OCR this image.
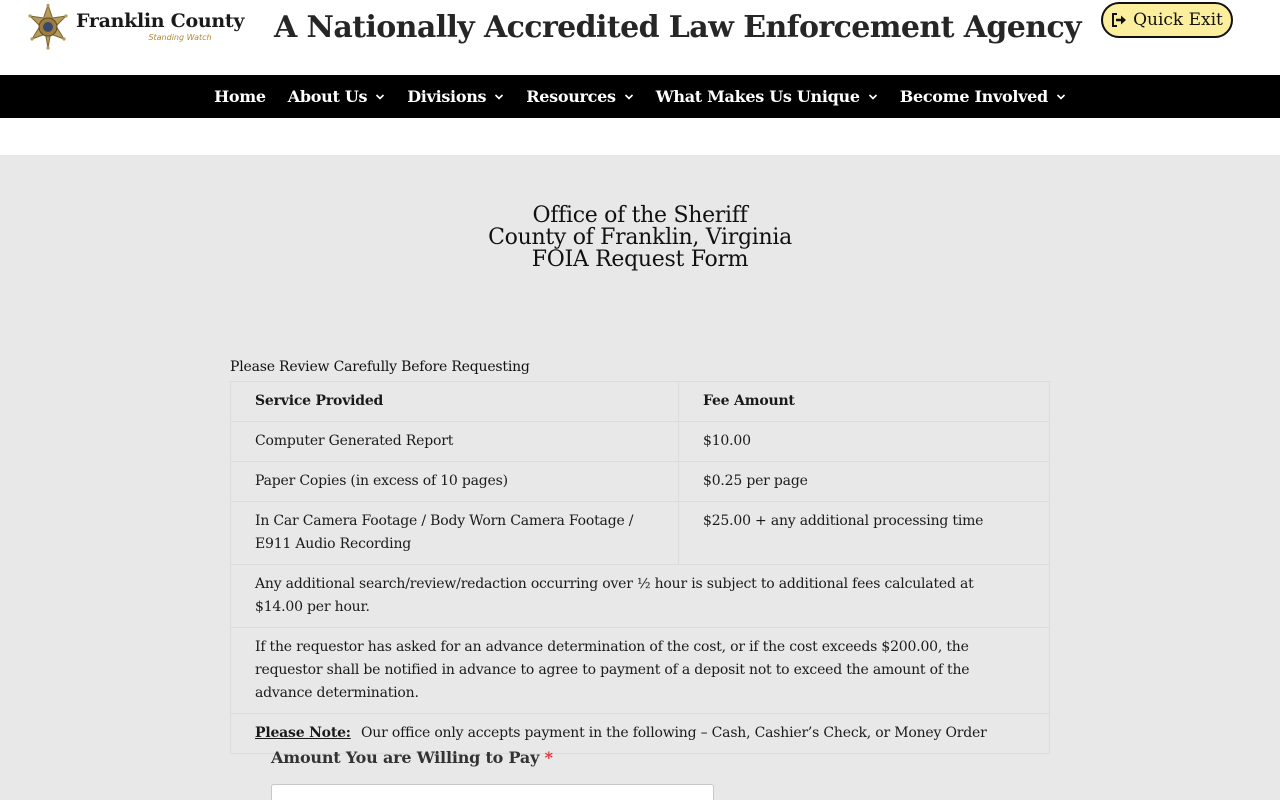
Franklin County
Standing Watch	A Nationally Accredited Law Enforcement Agency	Quick Exit
Home About Us	Divisions	Resources	What Makes Us Unique	Become Involved
Office of the Sheriff
County of Franklin, Virginia
FOIA Request Form
Please Review Carefully Before Requesting
Service Provided	Fee Amount
Computer Generated Report	$10.00
Paper Copies (in excess of 10 pages)	$0.25 per page
In Car Camera Footage / Body Worn Camera Footage / E911 Audio Recording	$25.00 + any additional processing time
Any additional search/review/redaction occurring over ½ hour is subject to additional fees calculated at $14.00 per hour.	
If the requestor has asked for an advance determination of the cost, or if the cost exceeds $200.00, the requestor shall be notified in advance to agree to payment of a deposit not to exceed the amount of the advance determination.	
Please Note: Our office only accepts payment in the following – Cash, Cashier’s Check, or Money Order	
Amount You are Willing to Pay *
